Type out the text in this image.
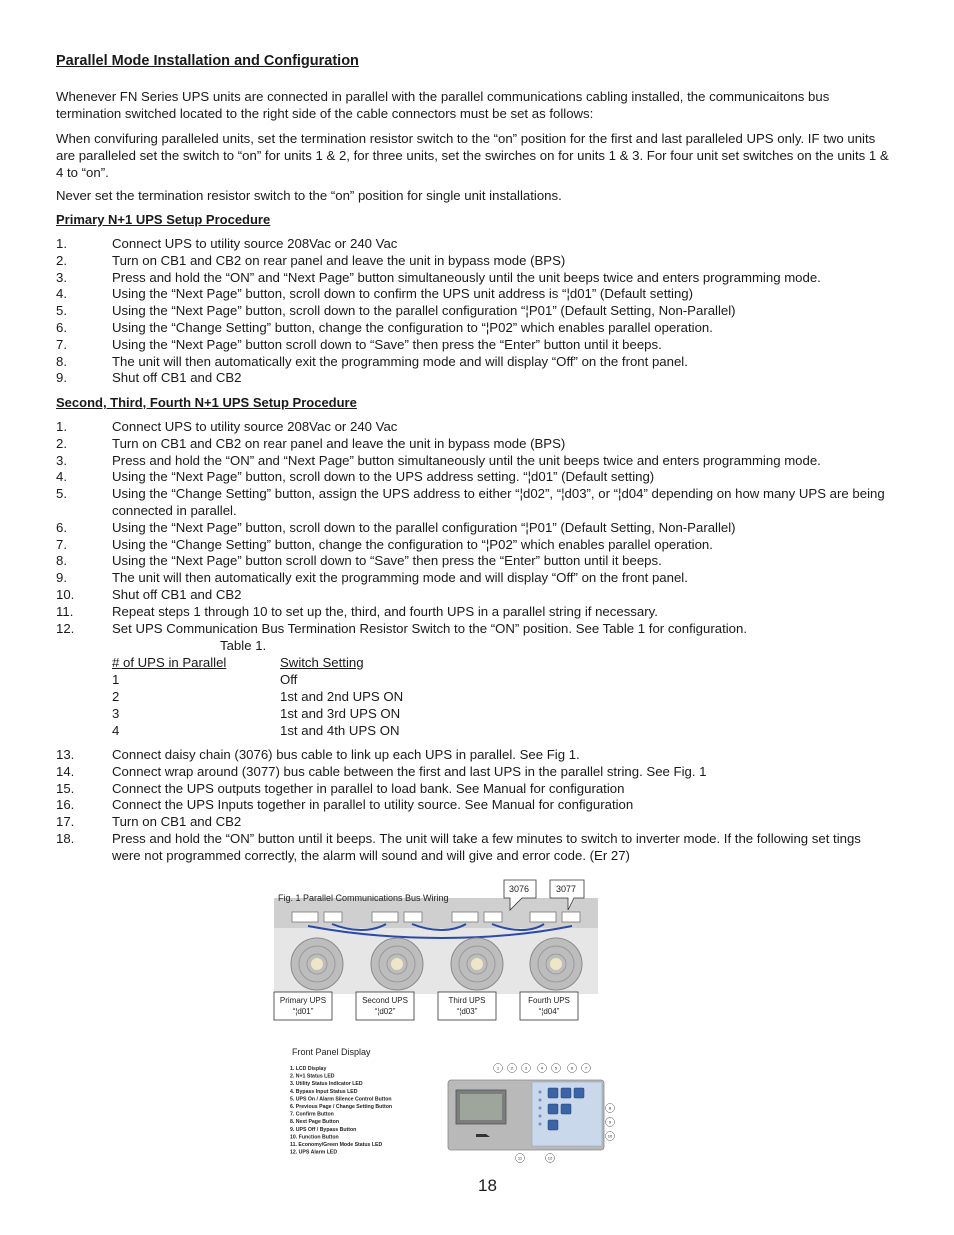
Parallel Mode Installation and Configuration
Whenever FN Series UPS units are connected in parallel with the parallel communications cabling installed, the communicaitons bus termination switched located to the right side of the cable connectors must be set as follows:
When convifuring paralleled units, set the termination resistor switch to the “on” position for the first and last paralleled UPS only. IF two units are paralleled set the switch to “on” for units 1 & 2, for three units, set the swirches on for units 1 & 3. For four unit set switches on the units 1 & 4 to “on”.
Never set the termination resistor switch to the “on” position for single unit installations.
Primary N+1 UPS Setup Procedure
1.	Connect UPS to utility source 208Vac or 240 Vac
2.	Turn on CB1 and CB2 on rear panel and leave the unit in bypass mode (BPS)
3.	Press and hold the “ON” and “Next Page” button simultaneously until the unit beeps twice and enters programming mode.
4.	Using the “Next Page” button, scroll down to confirm the UPS unit address is “¦d01” (Default setting)
5.	Using the “Next Page” button, scroll down to the parallel configuration “¦P01” (Default Setting, Non-Parallel)
6.	Using the “Change Setting” button, change the configuration to “¦P02” which enables parallel operation.
7.	Using the “Next Page” button scroll down to “Save” then press the “Enter” button until it beeps.
8.	The unit will then automatically exit the programming mode and will display “Off” on the front panel.
9.	Shut off CB1 and CB2
Second, Third, Fourth N+1 UPS Setup Procedure
1.	Connect UPS to utility source 208Vac or 240 Vac
2.	Turn on CB1 and CB2 on rear panel and leave the unit in bypass mode (BPS)
3.	Press and hold the “ON” and “Next Page” button simultaneously until the unit beeps twice and enters programming mode.
4.	Using the “Next Page” button, scroll down to the UPS address setting. “¦d01” (Default setting)
5.	Using the “Change Setting” button, assign the UPS address to either “¦d02”, “¦d03”, or “¦d04” depending on how many UPS are being connected in parallel.
6.	Using the “Next Page” button, scroll down to the parallel configuration “¦P01” (Default Setting, Non-Parallel)
7.	Using the “Change Setting” button, change the configuration to “¦P02” which enables parallel operation.
8.	Using the “Next Page” button scroll down to “Save” then press the “Enter” button until it beeps.
9.	The unit will then automatically exit the programming mode and will display “Off” on the front panel.
10.	Shut off CB1 and CB2
11.	Repeat steps 1 through 10 to set up the, third, and fourth UPS in a parallel string if necessary.
12.	Set UPS Communication Bus Termination Resistor Switch to the “ON” position. See Table 1 for configuration.
Table 1.
# of UPS in Parallel	Switch Setting
1	Off
2	1st and 2nd UPS ON
3	1st and 3rd UPS ON
4	1st and 4th UPS ON
13.	Connect daisy chain (3076) bus cable to link up each UPS in parallel. See Fig 1.
14.	Connect wrap around (3077) bus cable between the first and last UPS in the parallel string. See Fig. 1
15.	Connect the UPS outputs together in parallel to load bank. See Manual for configuration
16.	Connect the UPS Inputs together in parallel to utility source. See Manual for configuration
17.	Turn on CB1 and CB2
18.	Press and hold the “ON” button until it beeps. The unit will take a few minutes to switch to inverter mode. If the following set tings were not programmed correctly, the alarm will sound and will give and error code. (Er 27)
Fig. 1 Parallel Communications Bus Wiring
3076	3077
Primary UPS
“¦d01”
Second UPS
“¦d02”
Third UPS
“¦d03”
Fourth UPS
“¦d04”
Front Panel Display
1. LCD Display
2. N+1 Status LED
3. Utility Status Indicator LED
4. Bypass Input Status LED
5. UPS On / Alarm Silence Control Button
6. Previous Page / Change Setting Button
7. Confirm Button
8. Next Page Button
9. UPS Off / Bypass Button
10. Function Button
11. Economy/Green Mode Status LED
12. UPS Alarm LED
1	2	3	4	5	6	7
8
9
10
11	12
18
